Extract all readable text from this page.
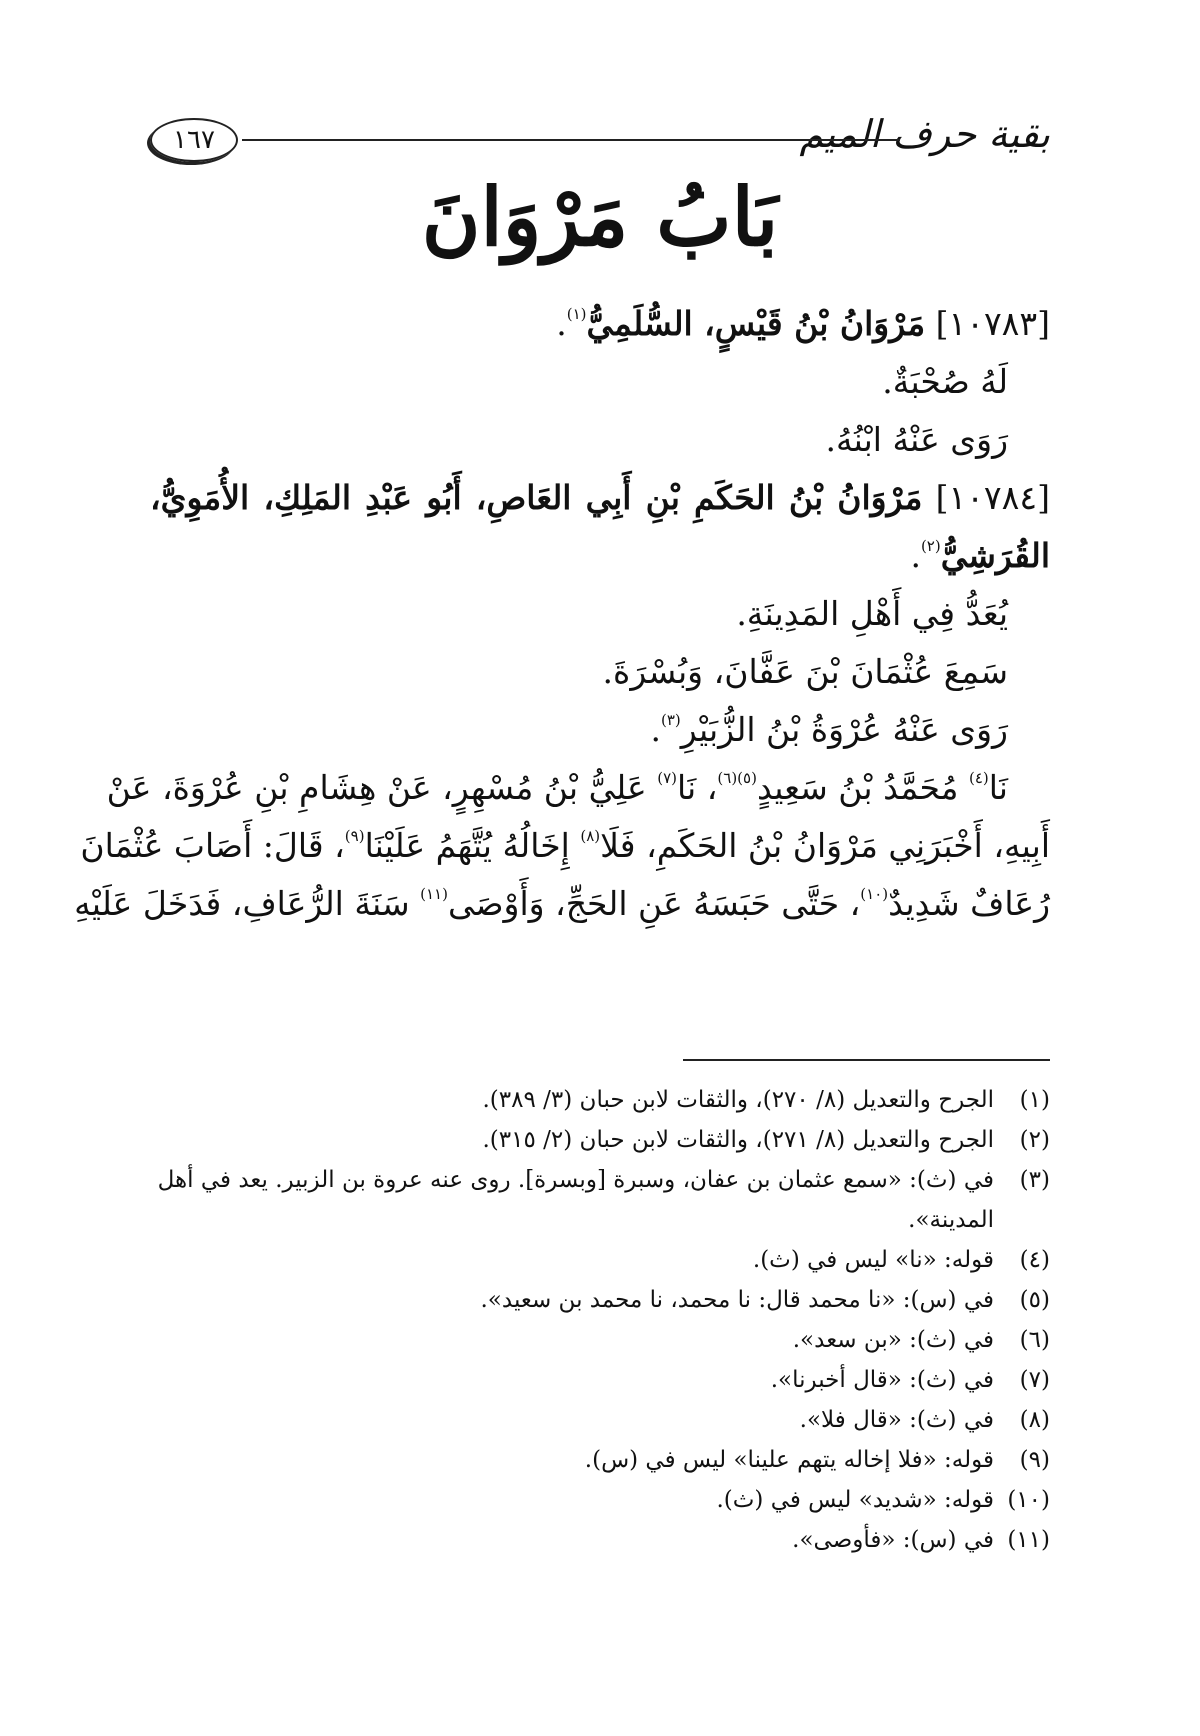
بقية حرف الميم
١٦٧
بَابُ مَرْوَانَ
[١٠٧٨٣] مَرْوَانُ بْنُ قَيْسٍ، السُّلَمِيُّ$^{(١)}$.
لَهُ صُحْبَةٌ.
رَوَى عَنْهُ ابْنُهُ.
[١٠٧٨٤] مَرْوَانُ بْنُ الحَكَمِ بْنِ أَبِي العَاصِ، أَبُو عَبْدِ المَلِكِ، الأُمَوِيُّ،
القُرَشِيُّ$^{(٢)}$.
يُعَدُّ فِي أَهْلِ المَدِينَةِ.
سَمِعَ عُثْمَانَ بْنَ عَفَّانَ، وَبُسْرَةَ.
رَوَى عَنْهُ عُرْوَةُ بْنُ الزُّبَيْرِ$^{(٣)}$.
نَا$^{(٤)}$ مُحَمَّدُ بْنُ سَعِيدٍ$^{(٥)(٦)}$، نَا$^{(٧)}$ عَلِيُّ بْنُ مُسْهِرٍ، عَنْ هِشَامِ بْنِ عُرْوَةَ، عَنْ
أَبِيهِ، أَخْبَرَنِي مَرْوَانُ بْنُ الحَكَمِ، فَلَا$^{(٨)}$ إِخَالُهُ يُتَّهَمُ عَلَيْنَا$^{(٩)}$، قَالَ: أَصَابَ عُثْمَانَ
رُعَافٌ شَدِيدٌ$^{(١٠)}$، حَتَّى حَبَسَهُ عَنِ الحَجِّ، وَأَوْصَى$^{(١١)}$ سَنَةَ الرُّعَافِ، فَدَخَلَ عَلَيْهِ
(١)
الجرح والتعديل (٨/ ٢٧٠)، والثقات لابن حبان (٣/ ٣٨٩).
(٢)
الجرح والتعديل (٨/ ٢٧١)، والثقات لابن حبان (٢/ ٣١٥).
(٣)
في (ث): «سمع عثمان بن عفان، وسبرة [وبسرة]. روى عنه عروة بن الزبير. يعد في أهل
المدينة».
(٤)
قوله: «نا» ليس في (ث).
(٥)
في (س): «نا محمد قال: نا محمد، نا محمد بن سعيد».
(٦)
في (ث): «بن سعد».
(٧)
في (ث): «قال أخبرنا».
(٨)
في (ث): «قال فلا».
(٩)
قوله: «فلا إخاله يتهم علينا» ليس في (س).
(١٠)
قوله: «شديد» ليس في (ث).
(١١)
في (س): «فأوصى».
